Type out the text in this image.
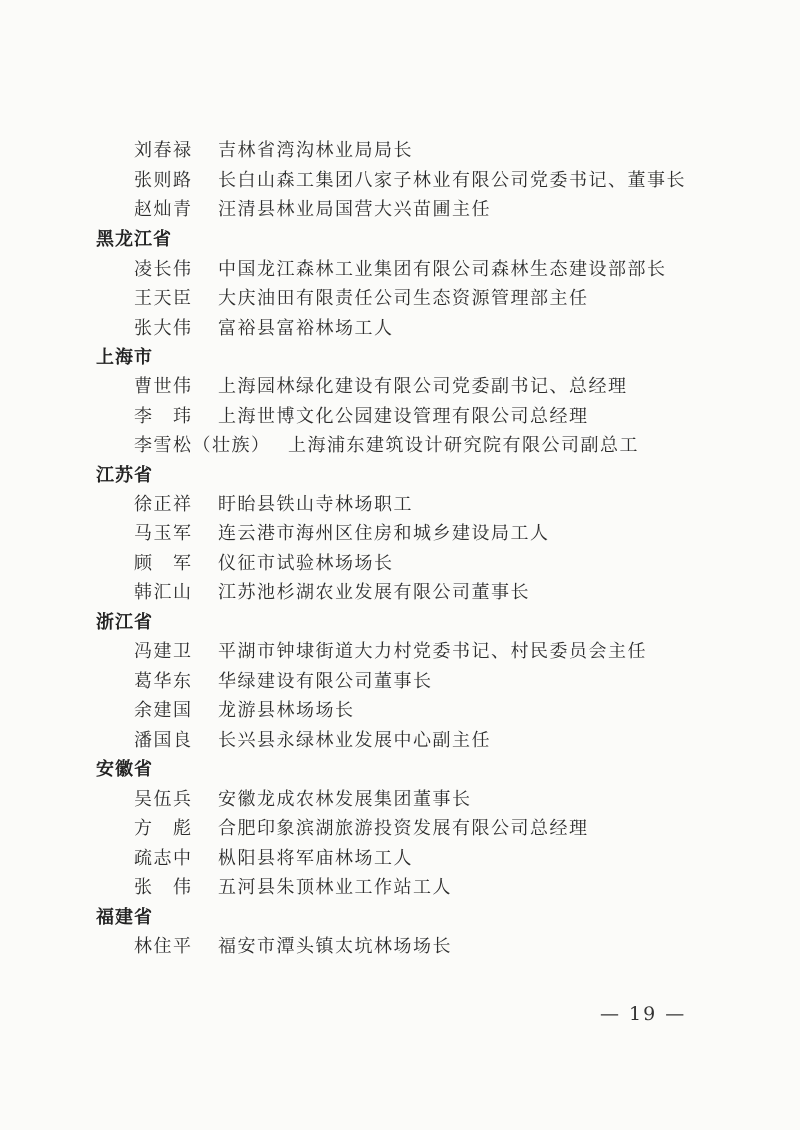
刘春禄 吉林省湾沟林业局局长
张则路 长白山森工集团八家子林业有限公司党委书记、董事长
赵灿青 汪清县林业局国营大兴苗圃主任
黑龙江省
凌长伟 中国龙江森林工业集团有限公司森林生态建设部部长
王天臣 大庆油田有限责任公司生态资源管理部主任
张大伟 富裕县富裕林场工人
上海市
曹世伟 上海园林绿化建设有限公司党委副书记、总经理
李　玮 上海世博文化公园建设管理有限公司总经理
李雪松（壮族） 上海浦东建筑设计研究院有限公司副总工
江苏省
徐正祥 盱眙县铁山寺林场职工
马玉军 连云港市海州区住房和城乡建设局工人
顾　军 仪征市试验林场场长
韩汇山 江苏池杉湖农业发展有限公司董事长
浙江省
冯建卫 平湖市钟埭街道大力村党委书记、村民委员会主任
葛华东 华绿建设有限公司董事长
余建国 龙游县林场场长
潘国良 长兴县永绿林业发展中心副主任
安徽省
吴伍兵 安徽龙成农林发展集团董事长
方　彪 合肥印象滨湖旅游投资发展有限公司总经理
疏志中 枞阳县将军庙林场工人
张　伟 五河县朱顶林业工作站工人
福建省
林住平 福安市潭头镇太坑林场场长
— 19 —
